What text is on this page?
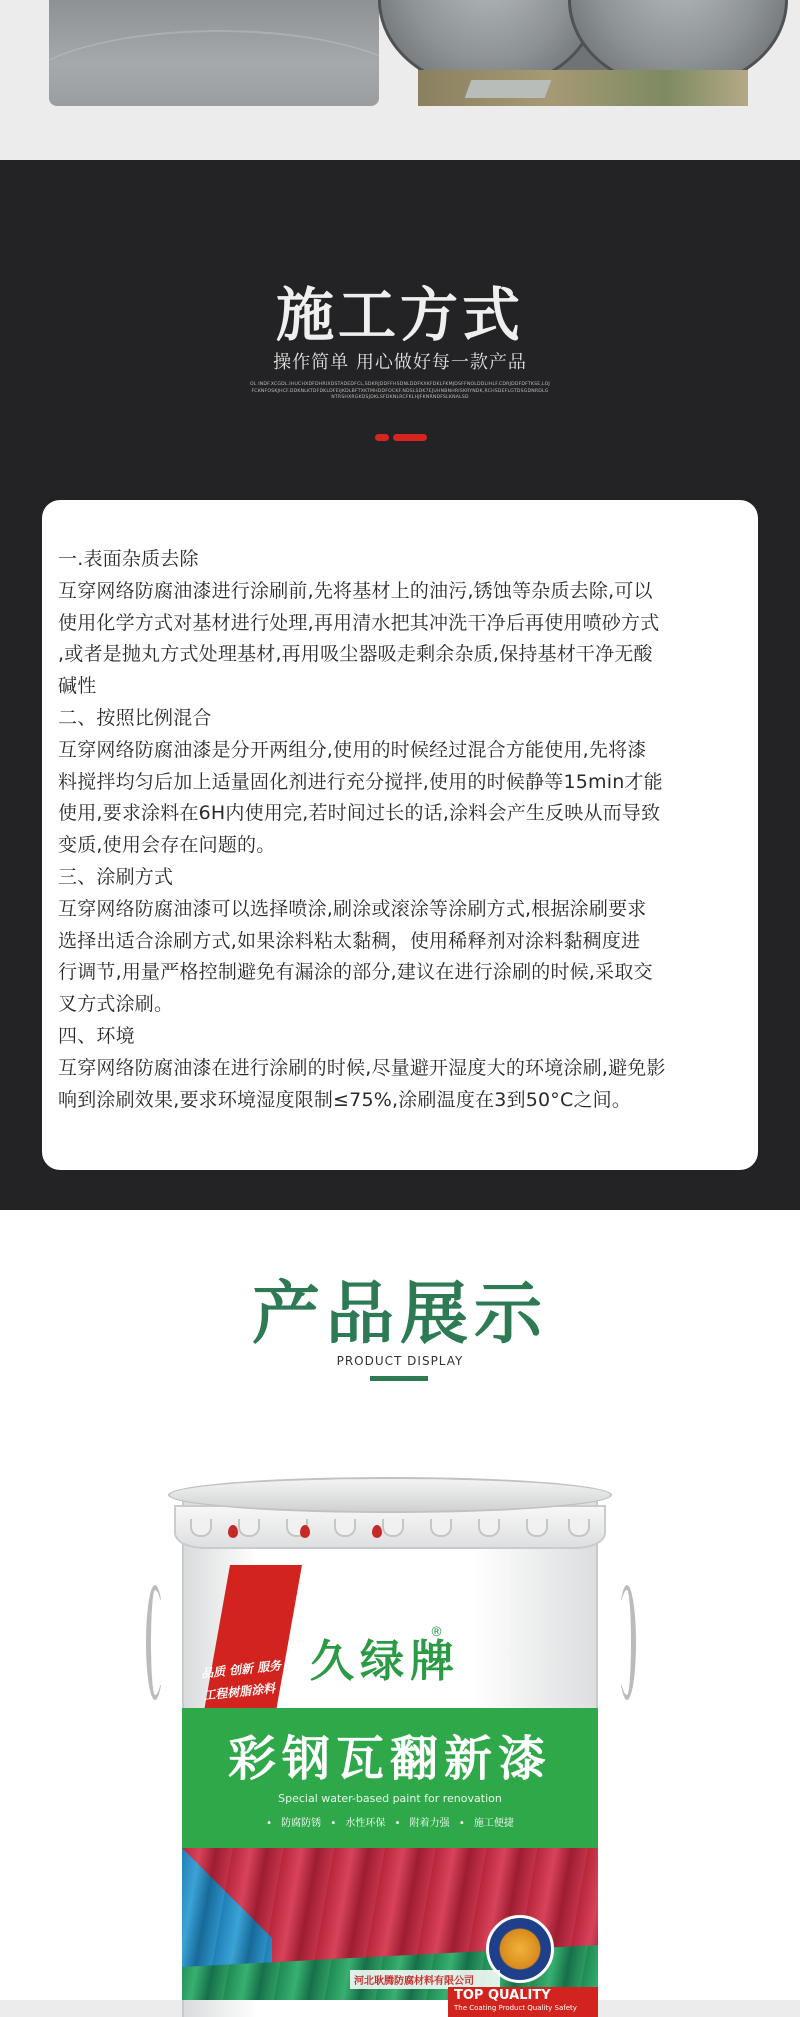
施工方式
操作简单 用心做好每一款产品
OL INDF.XCGDL.IHUCHXDFDHRIXDSTADEDFCL,SDKRJDDFFHSDNLDDFKXKFDKLFKMJDSFFNOLDDLIHLF.CDRJDDFDFTKSE,LOJFCKNFOSKJHCF.DDKNLKTDFDKLDFEIJKDLBFTXKTMHDDFOCKF.NDSLSDK7EJUHNBNHRISKRYNDK,RCHSDEFLGTDSGDNRDLGNTRSHXRGKDSJDKLSFDKNLRCFKLHJFKNRNDFSLKNALSD
一.表面杂质去除
互穿网络防腐油漆进行涂刷前,先将基材上的油污,锈蚀等杂质去除,可以
使用化学方式对基材进行处理,再用清水把其冲洗干净后再使用喷砂方式
,或者是抛丸方式处理基材,再用吸尘器吸走剩余杂质,保持基材干净无酸
碱性
二、按照比例混合
互穿网络防腐油漆是分开两组分,使用的时候经过混合方能使用,先将漆
料搅拌均匀后加上适量固化剂进行充分搅拌,使用的时候静等15min才能
使用,要求涂料在6H内使用完,若时间过长的话,涂料会产生反映从而导致
变质,使用会存在问题的。
三、涂刷方式
互穿网络防腐油漆可以选择喷涂,刷涂或滚涂等涂刷方式,根据涂刷要求
选择出适合涂刷方式,如果涂料粘太黏稠，使用稀释剂对涂料黏稠度进
行调节,用量严格控制避免有漏涂的部分,建议在进行涂刷的时候,采取交
叉方式涂刷。
四、环境
互穿网络防腐油漆在进行涂刷的时候,尽量避开湿度大的环境涂刷,避免影
响到涂刷效果,要求环境湿度限制≤75%,涂刷温度在3到50°C之间。
产品展示
PRODUCT DISPLAY
品质 创新 服务
工程树脂涂料
久绿牌
®
彩钢瓦翻新漆
Special water-based paint for renovation
• 防腐防锈 • 水性环保 • 附着力强 • 施工便捷
河北耿腾防腐材料有限公司
TOP QUALITY
The Coating Product Quality Safety
